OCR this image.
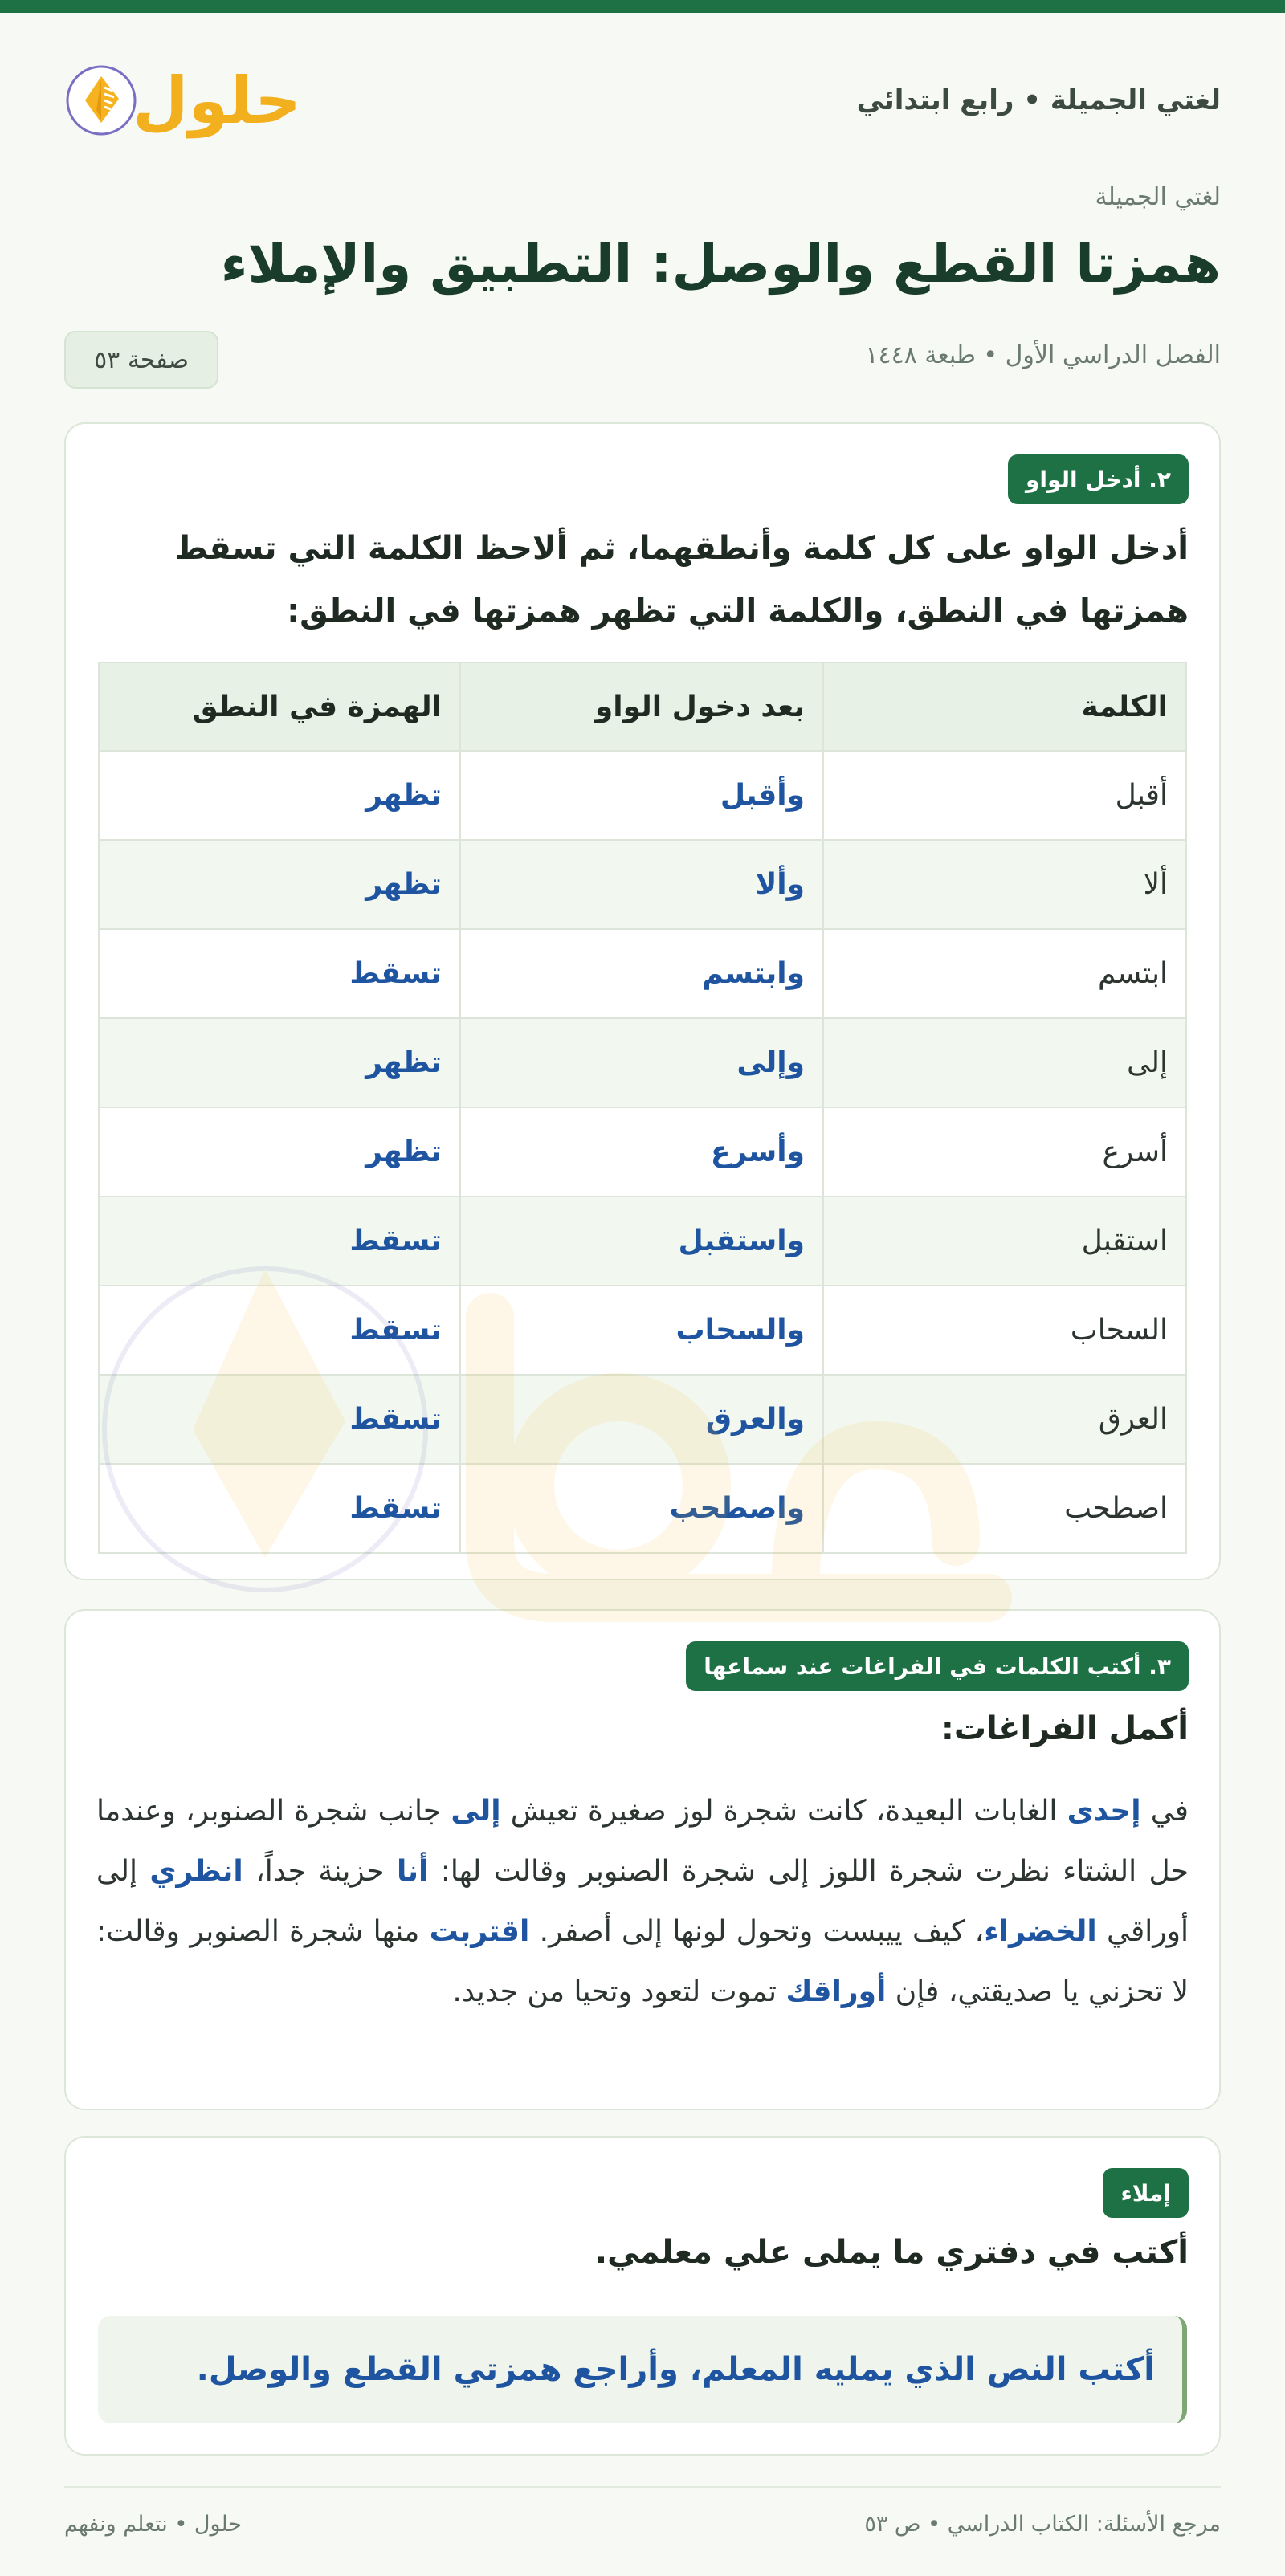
لغتي الجميلة • رابع ابتدائي
حلول
لغتي الجميلة
همزتا القطع والوصل: التطبيق والإملاء
الفصل الدراسي الأول • طبعة ١٤٤٨
صفحة ٥٣
٢. أدخل الواو
أدخل الواو على كل كلمة وأنطقهما، ثم ألاحظ الكلمة التي تسقط همزتها في النطق، والكلمة التي تظهر همزتها في النطق:
الكلمة	بعد دخول الواو	الهمزة في النطق
أقبل	وأقبل	تظهر
ألا	وألا	تظهر
ابتسم	وابتسم	تسقط
إلى	وإلى	تظهر
أسرع	وأسرع	تظهر
استقبل	واستقبل	تسقط
السحاب	والسحاب	تسقط
العرق	والعرق	تسقط
اصطحب	واصطحب	تسقط
٣. أكتب الكلمات في الفراغات عند سماعها
أكمل الفراغات:
في إحدى الغابات البعيدة، كانت شجرة لوز صغيرة تعيش إلى جانب شجرة الصنوبر، وعندما حل الشتاء نظرت شجرة اللوز إلى شجرة الصنوبر وقالت لها: أنا حزينة جداً، انظري إلى أوراقي الخضراء، كيف ييبست وتحول لونها إلى أصفر. اقتربت منها شجرة الصنوبر وقالت: لا تحزني يا صديقتي، فإن أوراقك تموت لتعود وتحيا من جديد.
إملاء
أكتب في دفتري ما يملى علي معلمي.
أكتب النص الذي يمليه المعلم، وأراجع همزتي القطع والوصل.
مرجع الأسئلة: الكتاب الدراسي • ص ٥٣
حلول • نتعلم ونفهم
